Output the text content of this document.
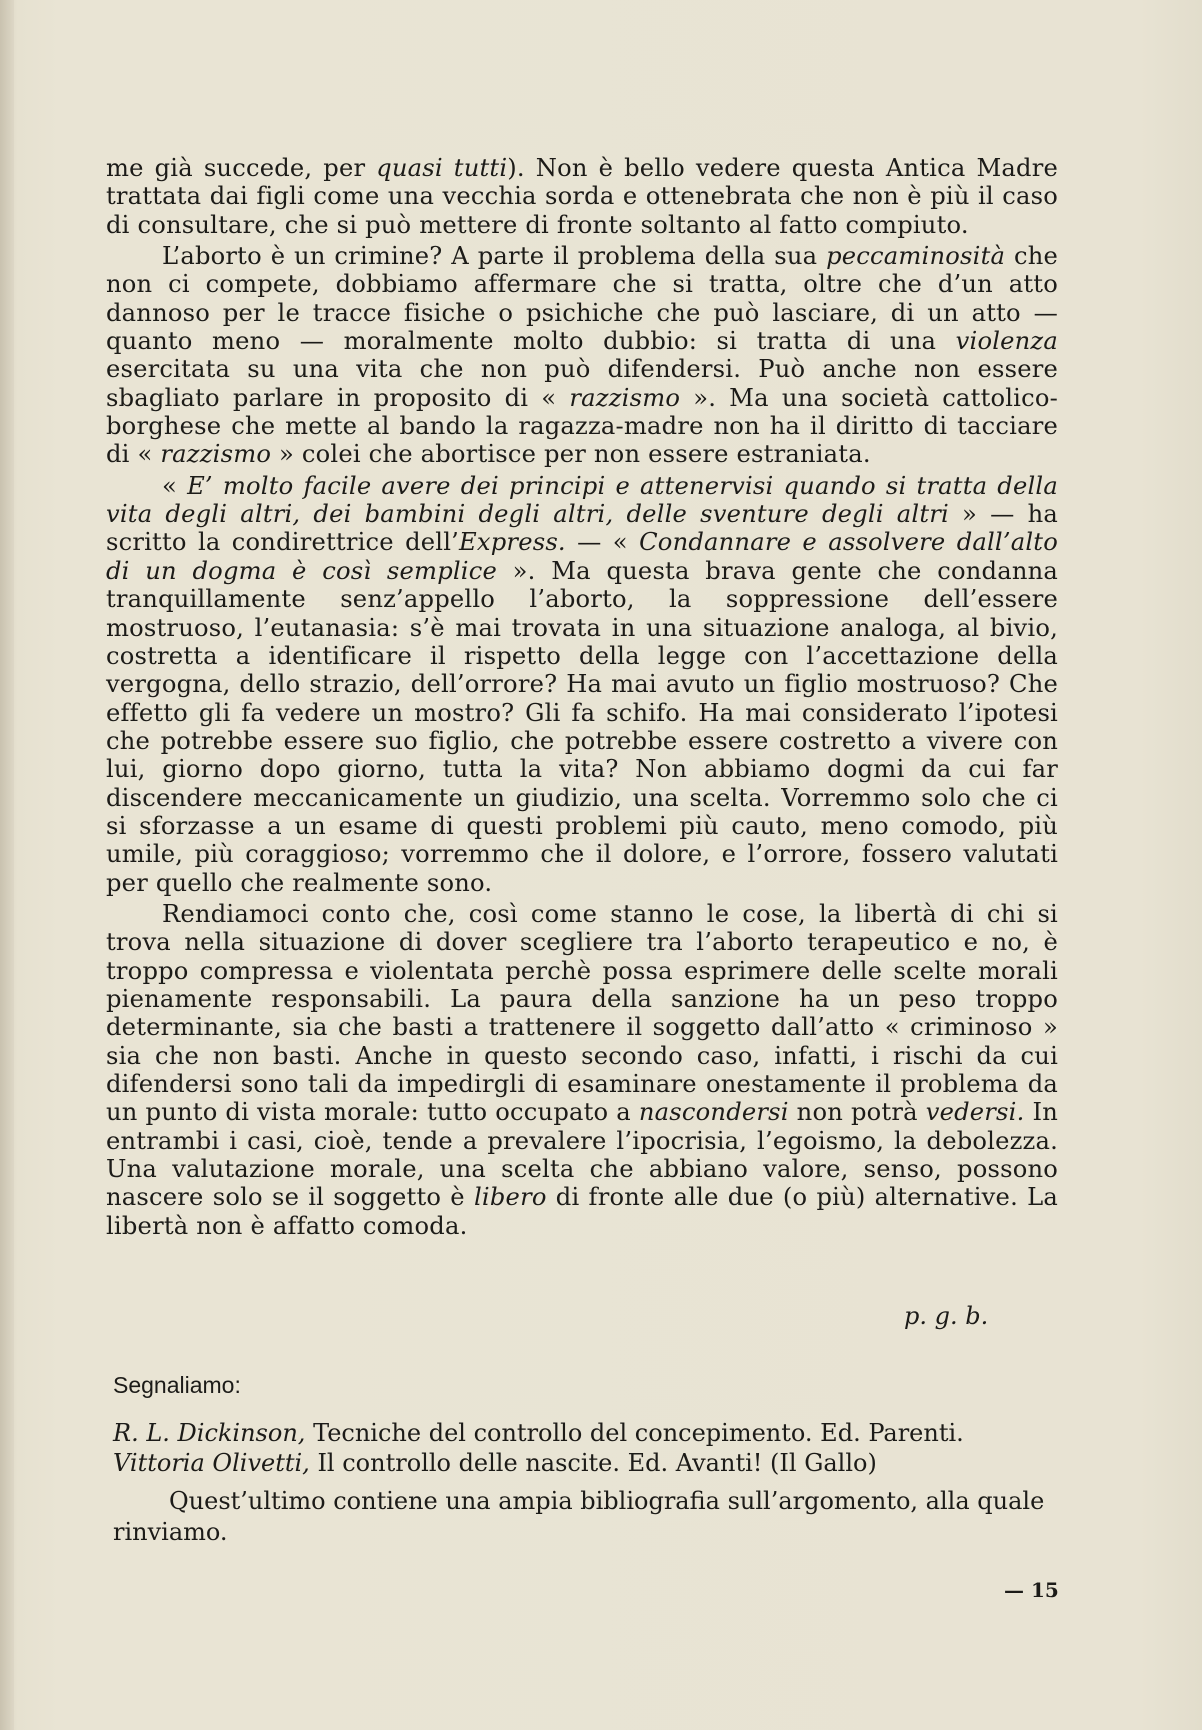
me già succede, per quasi tutti). Non è bello vedere questa Antica Madre trattata dai figli come una vecchia sorda e ottenebrata che non è più il caso di consultare, che si può mettere di fronte soltanto al fatto compiuto.

L’aborto è un crimine? A parte il problema della sua peccaminosità che non ci compete, dobbiamo affermare che si tratta, oltre che d’un atto dannoso per le tracce fisiche o psichiche che può lasciare, di un atto — quanto meno — moralmente molto dubbio: si tratta di una violenza esercitata su una vita che non può difendersi. Può anche non essere sbagliato parlare in proposito di « razzismo ». Ma una società cattolico-borghese che mette al bando la ragazza-madre non ha il diritto di tacciare di « razzismo » colei che abortisce per non essere estraniata.

« E’ molto facile avere dei principi e attenervisi quando si tratta della vita degli altri, dei bambini degli altri, delle sventure degli altri » — ha scritto la condirettrice dell’Express. — « Condannare e assolvere dall’alto di un dogma è così semplice ». Ma questa brava gente che condanna tranquillamente senz’appello l’aborto, la soppressione dell’essere mostruoso, l’eutanasia: s’è mai trovata in una situazione analoga, al bivio, costretta a identificare il rispetto della legge con l’accettazione della vergogna, dello strazio, dell’orrore? Ha mai avuto un figlio mostruoso? Che effetto gli fa vedere un mostro? Gli fa schifo. Ha mai considerato l’ipotesi che potrebbe essere suo figlio, che potrebbe essere costretto a vivere con lui, giorno dopo giorno, tutta la vita? Non abbiamo dogmi da cui far discendere meccanicamente un giudizio, una scelta. Vorremmo solo che ci si sforzasse a un esame di questi problemi più cauto, meno comodo, più umile, più coraggioso; vorremmo che il dolore, e l’orrore, fossero valutati per quello che realmente sono.

Rendiamoci conto che, così come stanno le cose, la libertà di chi si trova nella situazione di dover scegliere tra l’aborto terapeutico e no, è troppo compressa e violentata perchè possa esprimere delle scelte morali pienamente responsabili. La paura della sanzione ha un peso troppo determinante, sia che basti a trattenere il soggetto dall’atto « criminoso » sia che non basti. Anche in questo secondo caso, infatti, i rischi da cui difendersi sono tali da impedirgli di esaminare onestamente il problema da un punto di vista morale: tutto occupato a nascondersi non potrà vedersi. In entrambi i casi, cioè, tende a prevalere l’ipocrisia, l’egoismo, la debolezza. Una valutazione morale, una scelta che abbiano valore, senso, possono nascere solo se il soggetto è libero di fronte alle due (o più) alternative. La libertà non è affatto comoda.

p. g. b.
Segnaliamo:

R. L. Dickinson, Tecniche del controllo del concepimento. Ed. Parenti.

Vittoria Olivetti, Il controllo delle nascite. Ed. Avanti! (Il Gallo)

Quest’ultimo contiene una ampia bibliografia sull’argomento, alla quale rinviamo.

— 15
